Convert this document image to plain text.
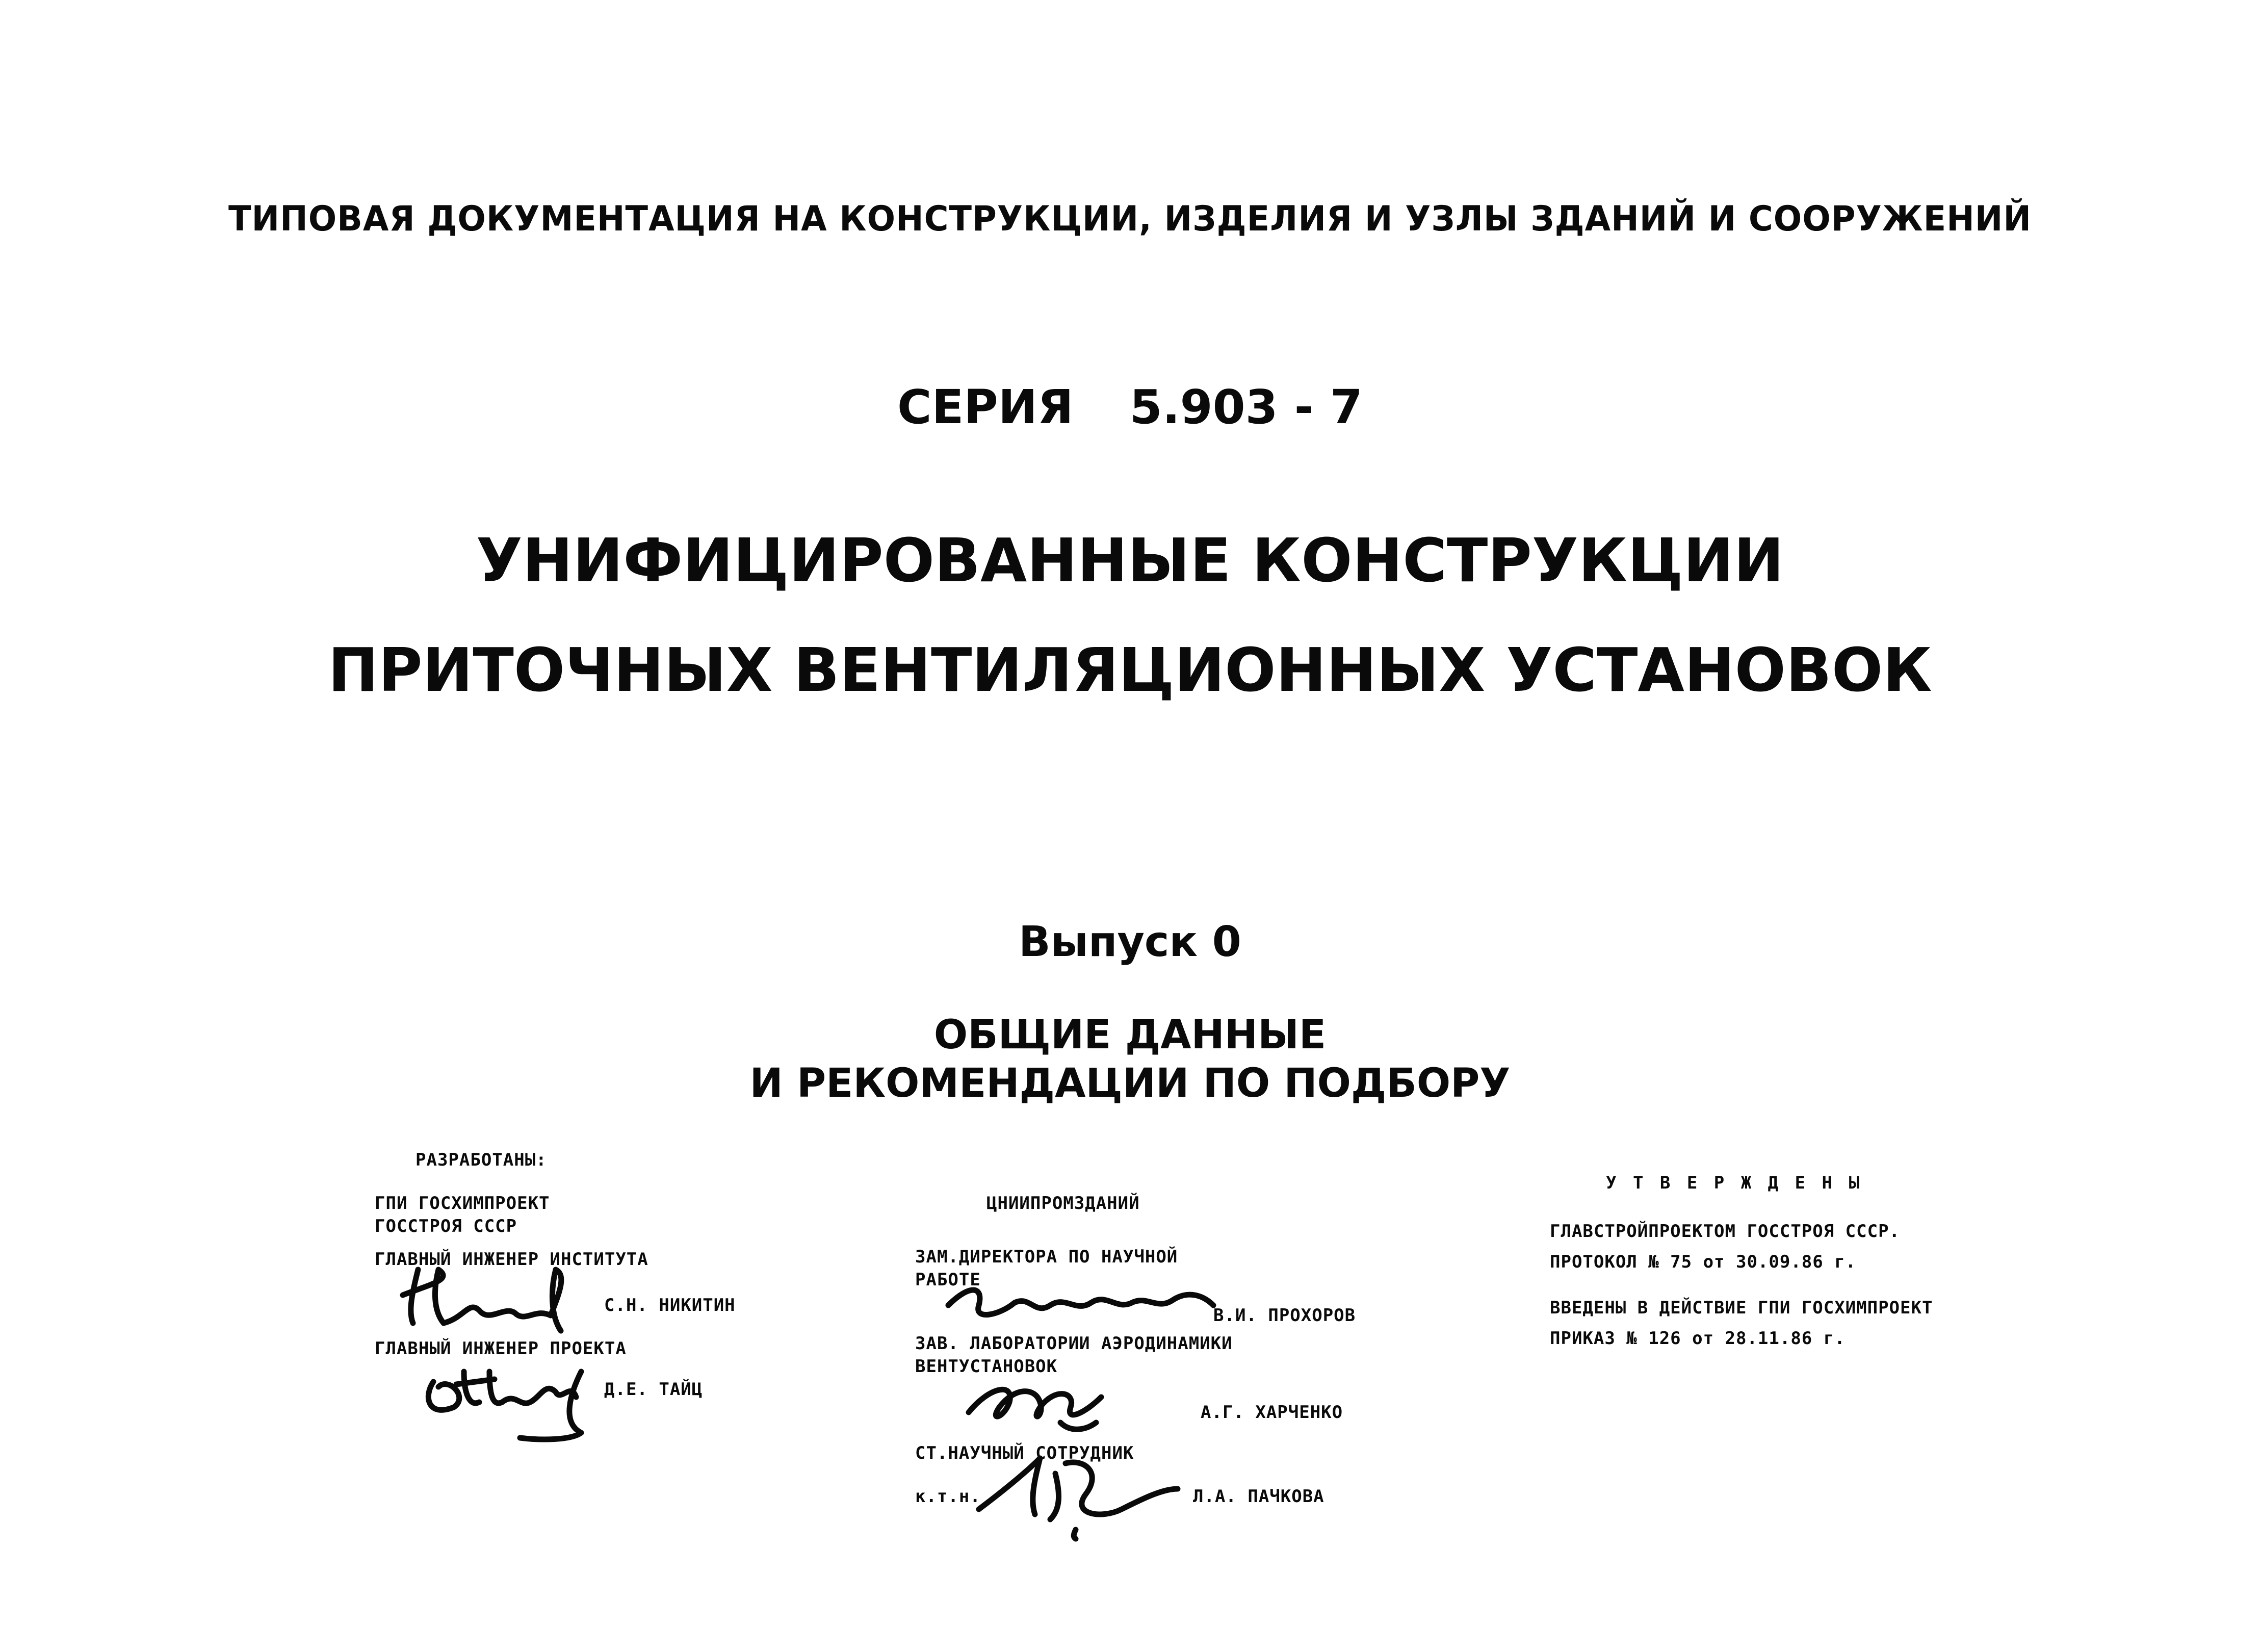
ТИПОВАЯ ДОКУМЕНТАЦИЯ НА КОНСТРУКЦИИ, ИЗДЕЛИЯ И УЗЛЫ ЗДАНИЙ И СООРУЖЕНИЙ
СЕРИЯ 5.903 - 7
УНИФИЦИРОВАННЫЕ КОНСТРУКЦИИ
ПРИТОЧНЫХ ВЕНТИЛЯЦИОННЫХ УСТАНОВОК
Выпуск 0
ОБЩИЕ ДАННЫЕ
И РЕКОМЕНДАЦИИ ПО ПОДБОРУ
РАЗРАБОТАНЫ:
ГПИ ГОСХИМПРОЕКТ
ГОССТРОЯ СССР
ГЛАВНЫЙ ИНЖЕНЕР ИНСТИТУТА
С.Н. НИКИТИН
ГЛАВНЫЙ ИНЖЕНЕР ПРОЕКТА
Д.Е. ТАЙЦ
ЦНИИПРОМЗДАНИЙ
ЗАМ.ДИРЕКТОРА ПО НАУЧНОЙ
РАБОТЕ
В.И. ПРОХОРОВ
ЗАВ. ЛАБОРАТОРИИ АЭРОДИНАМИКИ
ВЕНТУСТАНОВОК
А.Г. ХАРЧЕНКО
СТ.НАУЧНЫЙ СОТРУДНИК
к.т.н.	Л.А. ПАЧКОВА
У Т В Е Р Ж Д Е Н Ы
ГЛАВСТРОЙПРОЕКТОМ ГОССТРОЯ СССР.
ПРОТОКОЛ № 75 от 30.09.86 г.
ВВЕДЕНЫ В ДЕЙСТВИЕ ГПИ ГОСХИМПРОЕКТ
ПРИКАЗ № 126 от 28.11.86 г.
